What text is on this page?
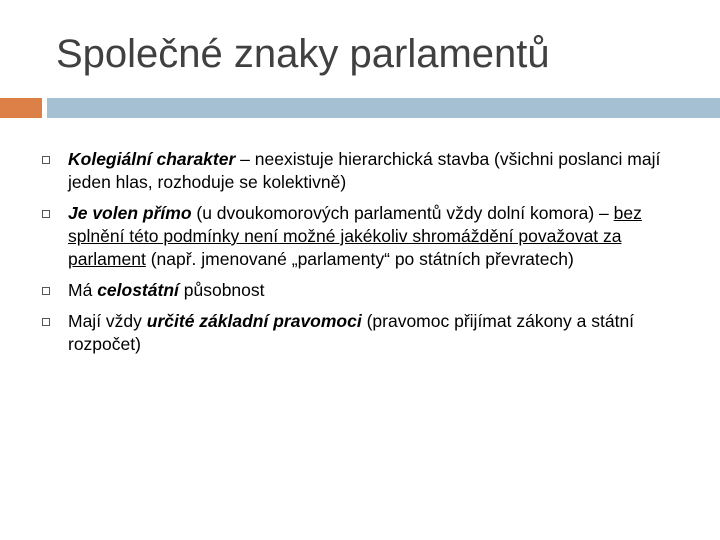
Společné znaky parlamentů
Kolegiální charakter – neexistuje hierarchická stavba (všichni poslanci mají jeden hlas, rozhoduje se kolektivně)
Je volen přímo (u dvoukomorových parlamentů vždy dolní komora) – bez splnění této podmínky není možné jakékoliv shromáždění považovat za parlament (např. jmenované „parlamenty“ po státních převratech)
Má celostátní působnost
Mají vždy určité základní pravomoci (pravomoc přijímat zákony a státní rozpočet)
